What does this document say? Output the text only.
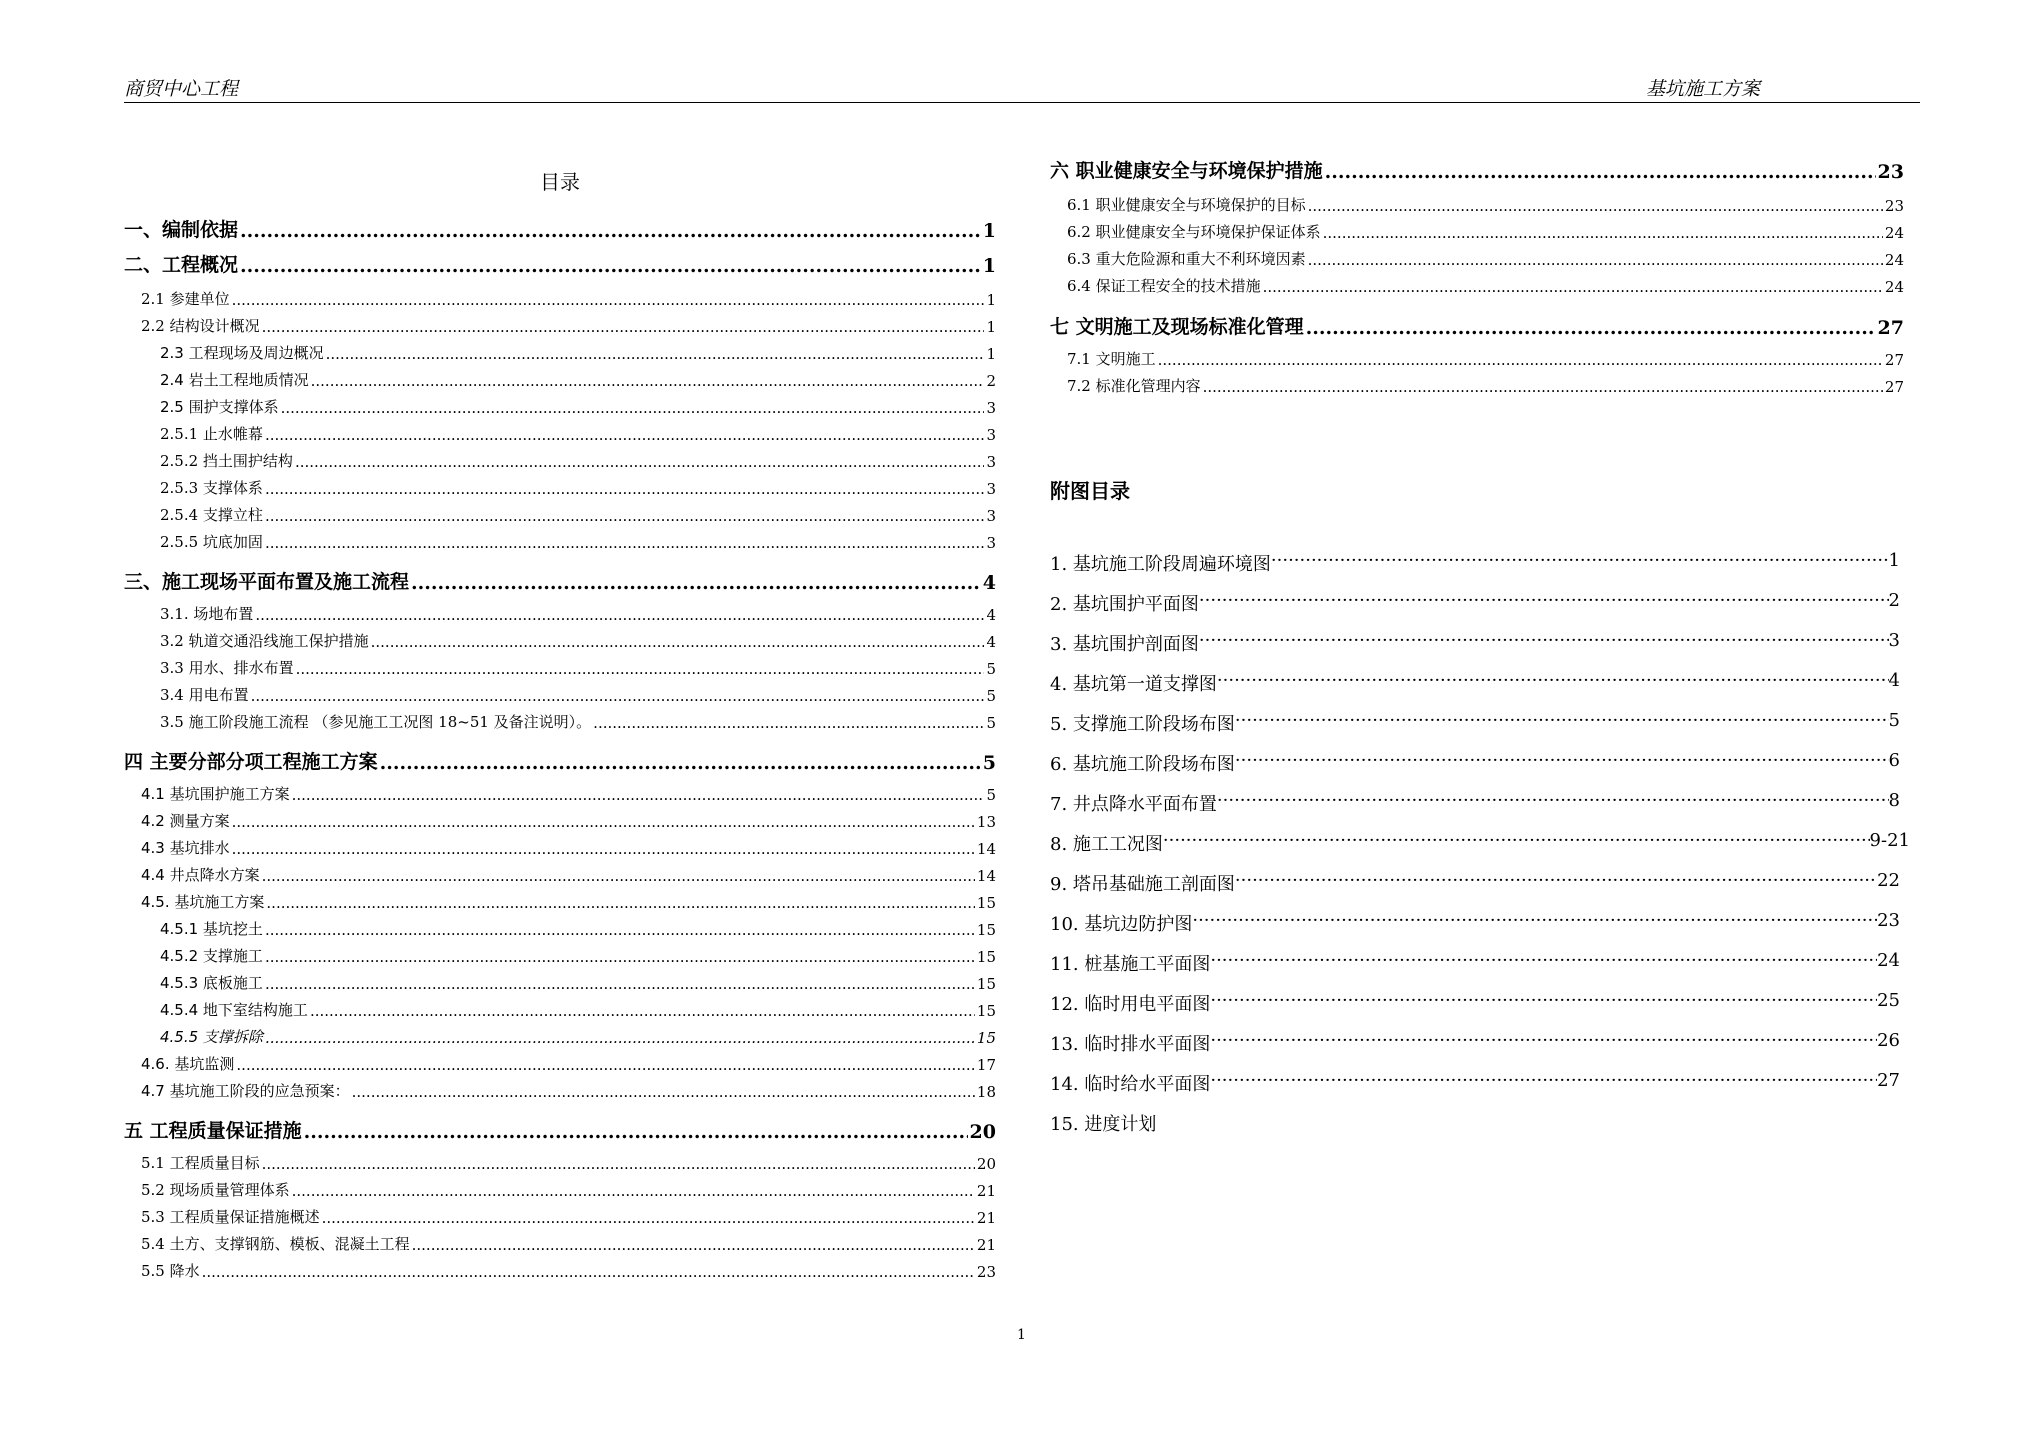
商贸中心工程	基坑施工方案
目录
一、编制依据 .....	1
二、工程概况 .....	1
2.1 参建单位 .....	1
2.2 结构设计概况 .....	1
2.3 工程现场及周边概况 .....	1
2.4 岩土工程地质情况 .....	2
2.5 围护支撑体系 .....	3
2.5.1 止水帷幕 .....	3
2.5.2 挡土围护结构 .....	3
2.5.3 支撑体系 .....	3
2.5.4 支撑立柱 .....	3
2.5.5 坑底加固 .....	3
三、施工现场平面布置及施工流程 .....	4
3.1. 场地布置 .....	4
3.2 轨道交通沿线施工保护措施 .....	4
3.3 用水、排水布置 .....	5
3.4 用电布置 .....	5
3.5 施工阶段施工流程 （参见施工工况图 18~51 及备注说明）。 .....	5
四 主要分部分项工程施工方案 .....	5
4.1 基坑围护施工方案 .....	5
4.2 测量方案 .....	13
4.3 基坑排水 .....	14
4.4 井点降水方案 .....	14
4.5. 基坑施工方案 .....	15
4.5.1 基坑挖土 .....	15
4.5.2 支撑施工 .....	15
4.5.3 底板施工 .....	15
4.5.4 地下室结构施工 .....	15
4.5.5 支撑拆除 .....	15
4.6. 基坑监测 .....	17
4.7 基坑施工阶段的应急预案： .....	18
五 工程质量保证措施 .....	20
5.1 工程质量目标 .....	20
5.2 现场质量管理体系 .....	21
5.3 工程质量保证措施概述 .....	21
5.4 土方、支撑钢筋、模板、混凝土工程 .....	21
5.5 降水 .....	23
六 职业健康安全与环境保护措施 .....	23
6.1 职业健康安全与环境保护的目标 .....	23
6.2 职业健康安全与环境保护保证体系 .....	24
6.3 重大危险源和重大不利环境因素 .....	24
6.4 保证工程安全的技术措施 .....	24
七 文明施工及现场标准化管理 .....	27
7.1 文明施工 .....	27
7.2 标准化管理内容 .....	27
附图目录
1. 基坑施工阶段周遍环境图 ·····	1
2. 基坑围护平面图 ·····	2
3. 基坑围护剖面图 ·····	3
4. 基坑第一道支撑图 ·····	4
5. 支撑施工阶段场布图 ·····	5
6. 基坑施工阶段场布图 ·····	6
7. 井点降水平面布置 ·····	8
8. 施工工况图 ·····	9-21
9. 塔吊基础施工剖面图 ·····	22
10. 基坑边防护图 ·····	23
11. 桩基施工平面图 ·····	24
12. 临时用电平面图 ·····	25
13. 临时排水平面图 ·····	26
14. 临时给水平面图 ·····	27
15. 进度计划
1
